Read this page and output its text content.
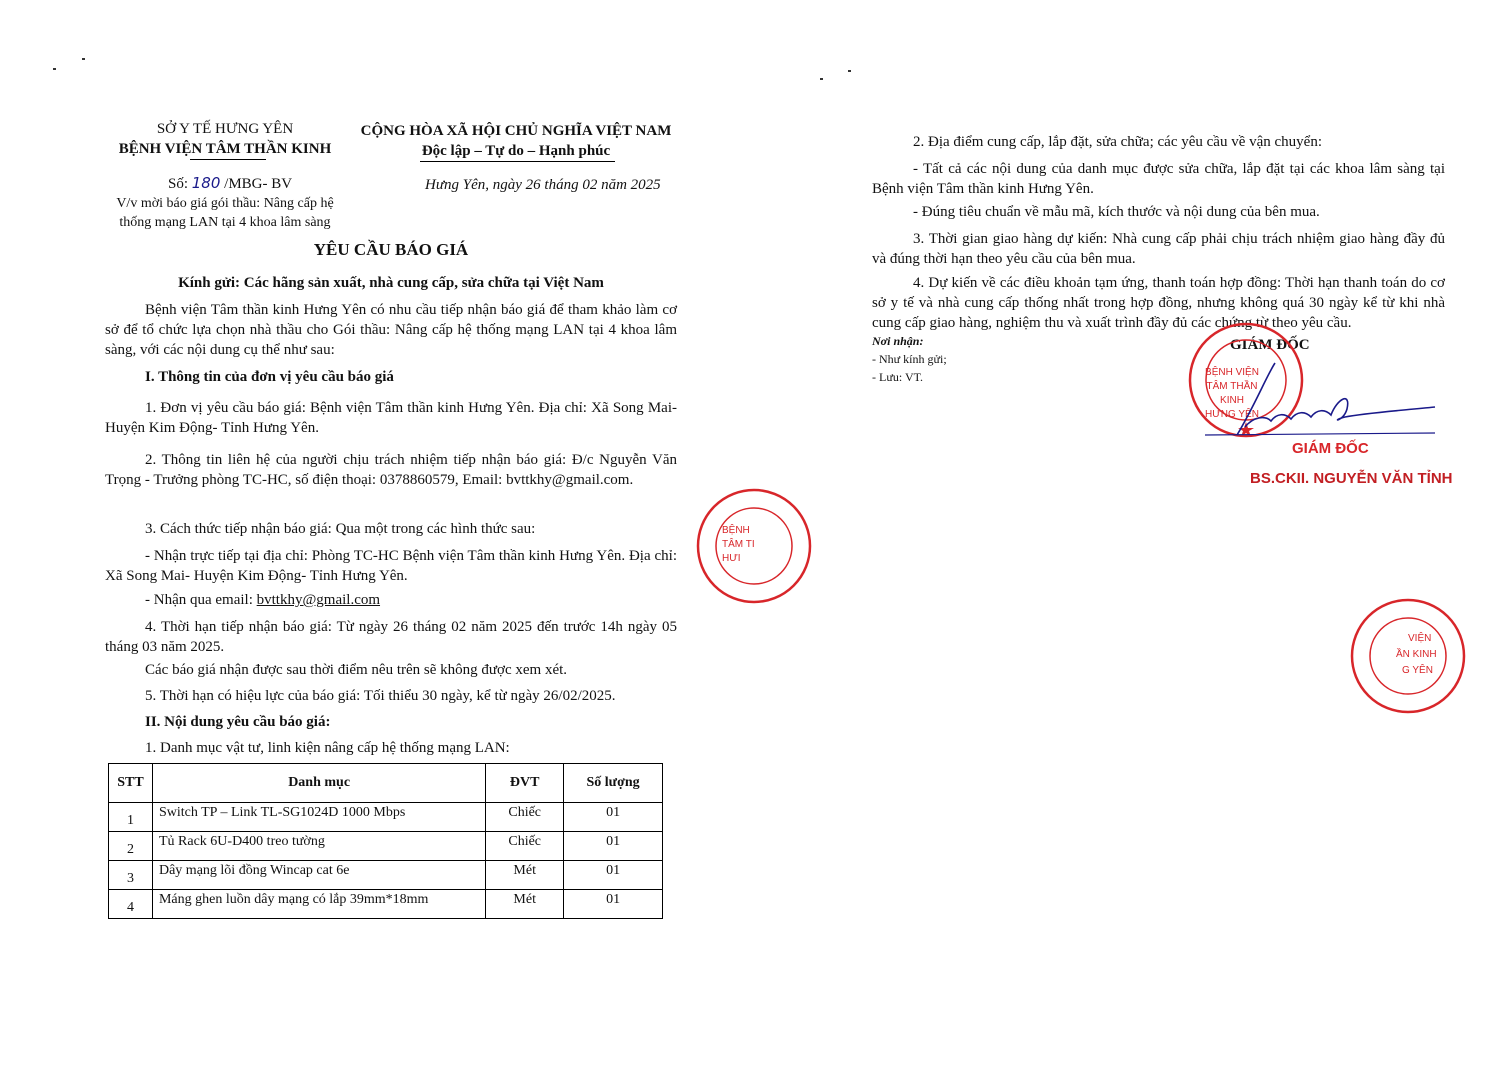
SỞ Y TẾ HƯNG YÊN
BỆNH VIỆN TÂM THẦN KINH
CỘNG HÒA XÃ HỘI CHỦ NGHĨA VIỆT NAM
Độc lập – Tự do – Hạnh phúc
Số: 180 /MBG- BV	Hưng Yên, ngày 26 tháng 02 năm 2025
V/v mời báo giá gói thầu: Nâng cấp hệ
thống mạng LAN tại 4 khoa lâm sàng
YÊU CẦU BÁO GIÁ
Kính gửi: Các hãng sản xuất, nhà cung cấp, sửa chữa tại Việt Nam
Bệnh viện Tâm thần kinh Hưng Yên có nhu cầu tiếp nhận báo giá để tham khảo làm cơ sở để tổ chức lựa chọn nhà thầu cho Gói thầu: Nâng cấp hệ thống mạng LAN tại 4 khoa lâm sàng, với các nội dung cụ thể như sau:
I. Thông tin của đơn vị yêu cầu báo giá
1. Đơn vị yêu cầu báo giá: Bệnh viện Tâm thần kinh Hưng Yên. Địa chỉ: Xã Song Mai- Huyện Kim Động- Tỉnh Hưng Yên.
2. Thông tin liên hệ của người chịu trách nhiệm tiếp nhận báo giá: Đ/c Nguyễn Văn Trọng - Trưởng phòng TC-HC, số điện thoại: 0378860579, Email: bvttkhy@gmail.com.
3. Cách thức tiếp nhận báo giá: Qua một trong các hình thức sau:
- Nhận trực tiếp tại địa chỉ: Phòng TC-HC Bệnh viện Tâm thần kinh Hưng Yên. Địa chỉ: Xã Song Mai- Huyện Kim Động- Tỉnh Hưng Yên.
- Nhận qua email: bvttkhy@gmail.com
4. Thời hạn tiếp nhận báo giá: Từ ngày 26 tháng 02 năm 2025 đến trước 14h ngày 05 tháng 03 năm 2025.
Các báo giá nhận được sau thời điểm nêu trên sẽ không được xem xét.
5. Thời hạn có hiệu lực của báo giá: Tối thiểu 30 ngày, kể từ ngày 26/02/2025.
II. Nội dung yêu cầu báo giá:
1. Danh mục vật tư, linh kiện nâng cấp hệ thống mạng LAN:
STT	Danh mục	ĐVT	Số lượng
1	Switch TP – Link TL-SG1024D 1000 Mbps	Chiếc	01
2	Tủ Rack 6U-D400 treo tường	Chiếc	01
3	Dây mạng lõi đồng Wincap cat 6e	Mét	01
4	Máng ghen luồn dây mạng có lắp 39mm*18mm	Mét	01
BỆNH
TÂM TI
HƯI
2. Địa điểm cung cấp, lắp đặt, sửa chữa; các yêu cầu về vận chuyển:
- Tất cả các nội dung của danh mục được sửa chữa, lắp đặt tại các khoa lâm sàng tại Bệnh viện Tâm thần kinh Hưng Yên.
- Đúng tiêu chuẩn về mẫu mã, kích thước và nội dung của bên mua.
3. Thời gian giao hàng dự kiến: Nhà cung cấp phải chịu trách nhiệm giao hàng đầy đủ và đúng thời hạn theo yêu cầu của bên mua.
4. Dự kiến về các điều khoản tạm ứng, thanh toán hợp đồng: Thời hạn thanh toán do cơ sở y tế và nhà cung cấp thống nhất trong hợp đồng, nhưng không quá 30 ngày kể từ khi nhà cung cấp giao hàng, nghiệm thu và xuất trình đầy đủ các chứng từ theo yêu cầu.
Nơi nhận:
- Như kính gửi;
- Lưu: VT.
GIÁM ĐỐC
BỆNH VIỆN
TÂM THẦN KINH
HƯNG YÊN
GIÁM ĐỐC
BS.CKII. NGUYỄN VĂN TỈNH
VIỆN
ẦN KINH
G YÊN
